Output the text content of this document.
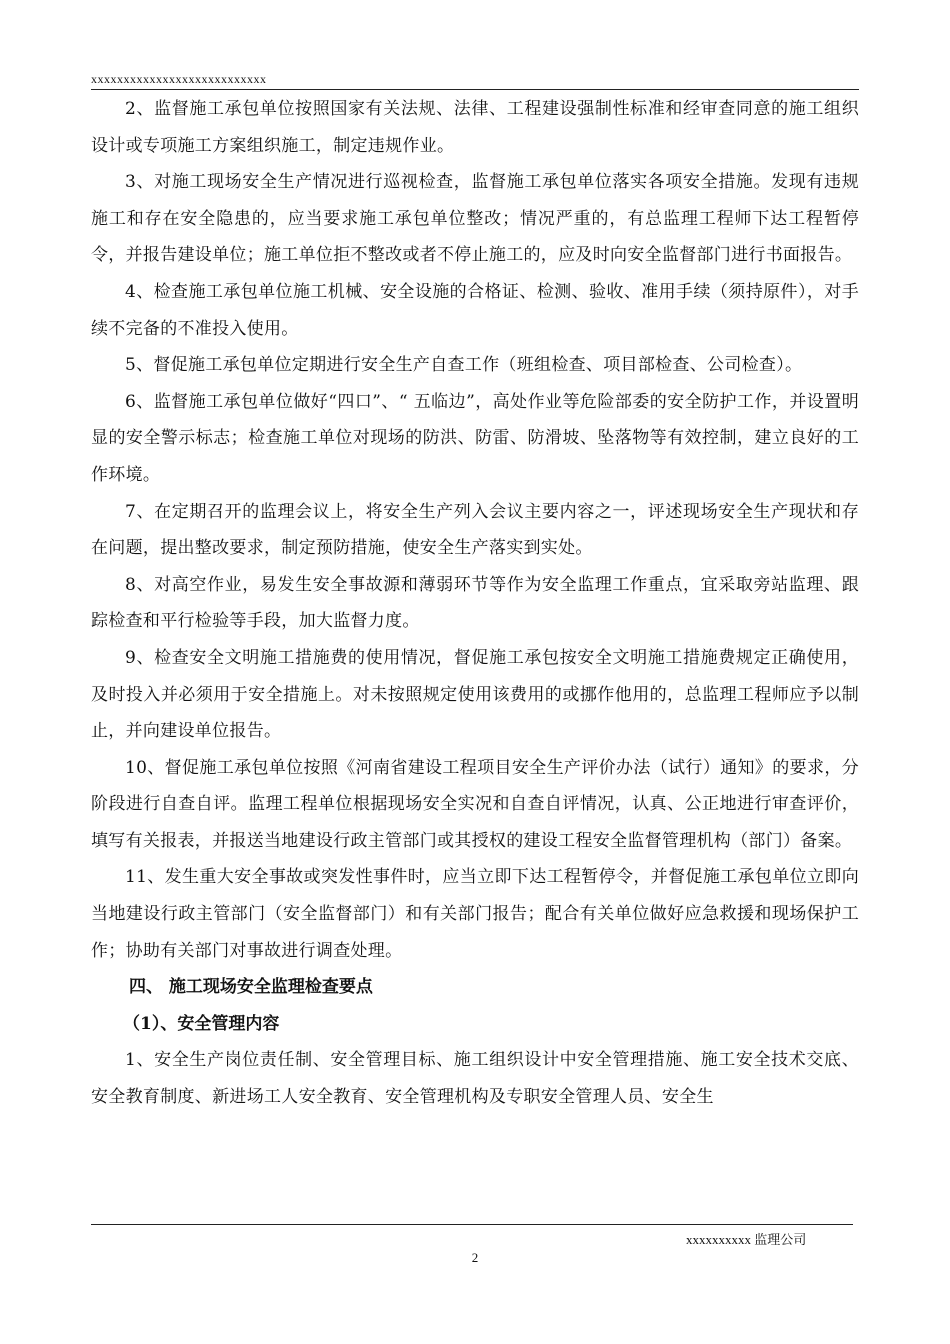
xxxxxxxxxxxxxxxxxxxxxxxxxxx

2、监督施工承包单位按照国家有关法规、法律、工程建设强制性标准和经审查同意的施工组织设计或专项施工方案组织施工，制定违规作业。

3、对施工现场安全生产情况进行巡视检查，监督施工承包单位落实各项安全措施。发现有违规施工和存在安全隐患的，应当要求施工承包单位整改；情况严重的，有总监理工程师下达工程暂停令，并报告建设单位；施工单位拒不整改或者不停止施工的，应及时向安全监督部门进行书面报告。

4、检查施工承包单位施工机械、安全设施的合格证、检测、验收、准用手续（须持原件），对手续不完备的不准投入使用。

5、督促施工承包单位定期进行安全生产自查工作（班组检查、项目部检查、公司检查）。

6、监督施工承包单位做好“四口”、“ 五临边”，高处作业等危险部委的安全防护工作，并设置明显的安全警示标志；检查施工单位对现场的防洪、防雷、防滑坡、坠落物等有效控制，建立良好的工作环境。

7、在定期召开的监理会议上，将安全生产列入会议主要内容之一，评述现场安全生产现状和存在问题，提出整改要求，制定预防措施，使安全生产落实到实处。

8、对高空作业，易发生安全事故源和薄弱环节等作为安全监理工作重点，宜采取旁站监理、跟踪检查和平行检验等手段，加大监督力度。

9、检查安全文明施工措施费的使用情况，督促施工承包按安全文明施工措施费规定正确使用，及时投入并必须用于安全措施上。对未按照规定使用该费用的或挪作他用的，总监理工程师应予以制止，并向建设单位报告。

10、督促施工承包单位按照《河南省建设工程项目安全生产评价办法（试行）通知》的要求，分阶段进行自查自评。监理工程单位根据现场安全实况和自查自评情况，认真、公正地进行审查评价，填写有关报表，并报送当地建设行政主管部门或其授权的建设工程安全监督管理机构（部门）备案。

11、发生重大安全事故或突发性事件时，应当立即下达工程暂停令，并督促施工承包单位立即向当地建设行政主管部门（安全监督部门）和有关部门报告；配合有关单位做好应急救援和现场保护工作；协助有关部门对事故进行调查处理。

四、 施工现场安全监理检查要点

（1）、安全管理内容

1、安全生产岗位责任制、安全管理目标、施工组织设计中安全管理措施、施工安全技术交底、安全教育制度、新进场工人安全教育、安全管理机构及专职安全管理人员、安全生

xxxxxxxxxx 监理公司
2
